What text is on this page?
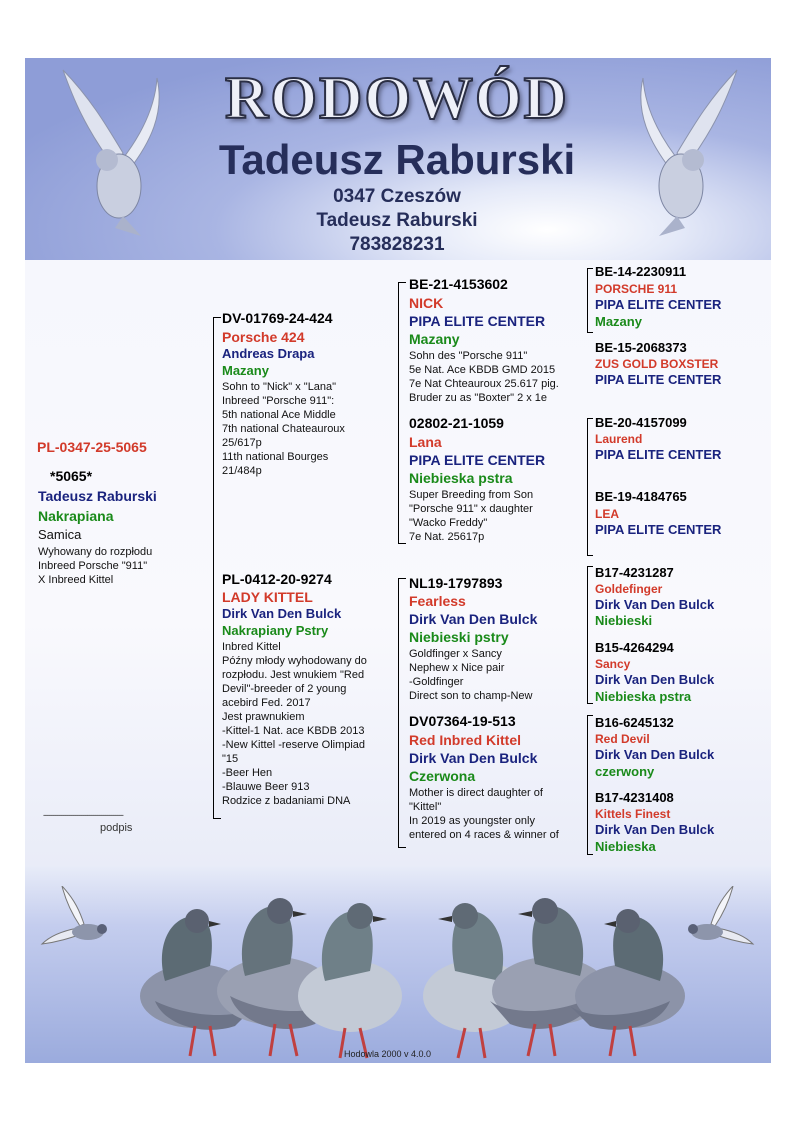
RODOWÓD
Tadeusz Raburski
0347 Czeszów
Tadeusz Raburski
783828231
PL-0347-25-5065
*5065*
Tadeusz Raburski
Nakrapiana
Samica
Wyhowany do rozpłodu
Inbreed Porsche "911"
X Inbreed Kittel
----------------------------------------
podpis
DV-01769-24-424
Porsche 424
Andreas Drapa
Mazany
Sohn to "Nick" x "Lana"
Inbreed "Porsche 911":
5th national Ace Middle
7th national Chateauroux
25/617p
11th national Bourges
21/484p
PL-0412-20-9274
LADY KITTEL
Dirk Van Den Bulck
Nakrapiany Pstry
Inbred Kittel
Późny młody wyhodowany do
rozpłodu. Jest wnukiem "Red
Devil"-breeder of 2 young
acebird Fed. 2017
Jest prawnukiem
-Kittel-1 Nat. ace KBDB 2013
-New Kittel -reserve Olimpiad
"15
-Beer Hen
-Blauwe Beer 913
Rodzice z badaniami DNA
BE-21-4153602
NICK
PIPA ELITE CENTER
Mazany
Sohn des "Porsche 911"
5e Nat. Ace KBDB GMD 2015
7e Nat Chteauroux 25.617 pig.
Bruder zu as "Boxter" 2 x 1e
02802-21-1059
Lana
PIPA ELITE CENTER
Niebieska pstra
Super Breeding from Son
"Porsche 911" x daughter
"Wacko Freddy"
7e Nat. 25617p
NL19-1797893
Fearless
Dirk Van Den Bulck
Niebieski pstry
Goldfinger x Sancy
Nephew x Nice pair
-Goldfinger
Direct son to champ-New
DV07364-19-513
Red Inbred Kittel
Dirk Van Den Bulck
Czerwona
Mother is direct daughter of
"Kittel"
In 2019 as youngster only
entered on 4 races & winner of
BE-14-2230911
PORSCHE 911
PIPA ELITE CENTER
Mazany
BE-15-2068373
ZUS GOLD BOXSTER
PIPA ELITE CENTER
BE-20-4157099
Laurend
PIPA ELITE CENTER
BE-19-4184765
LEA
PIPA ELITE CENTER
B17-4231287
Goldefinger
Dirk Van Den Bulck
Niebieski
B15-4264294
Sancy
Dirk Van Den Bulck
Niebieska pstra
B16-6245132
Red Devil
Dirk Van Den Bulck
czerwony
B17-4231408
Kittels Finest
Dirk Van Den Bulck
Niebieska
Hodowla 2000 v 4.0.0
